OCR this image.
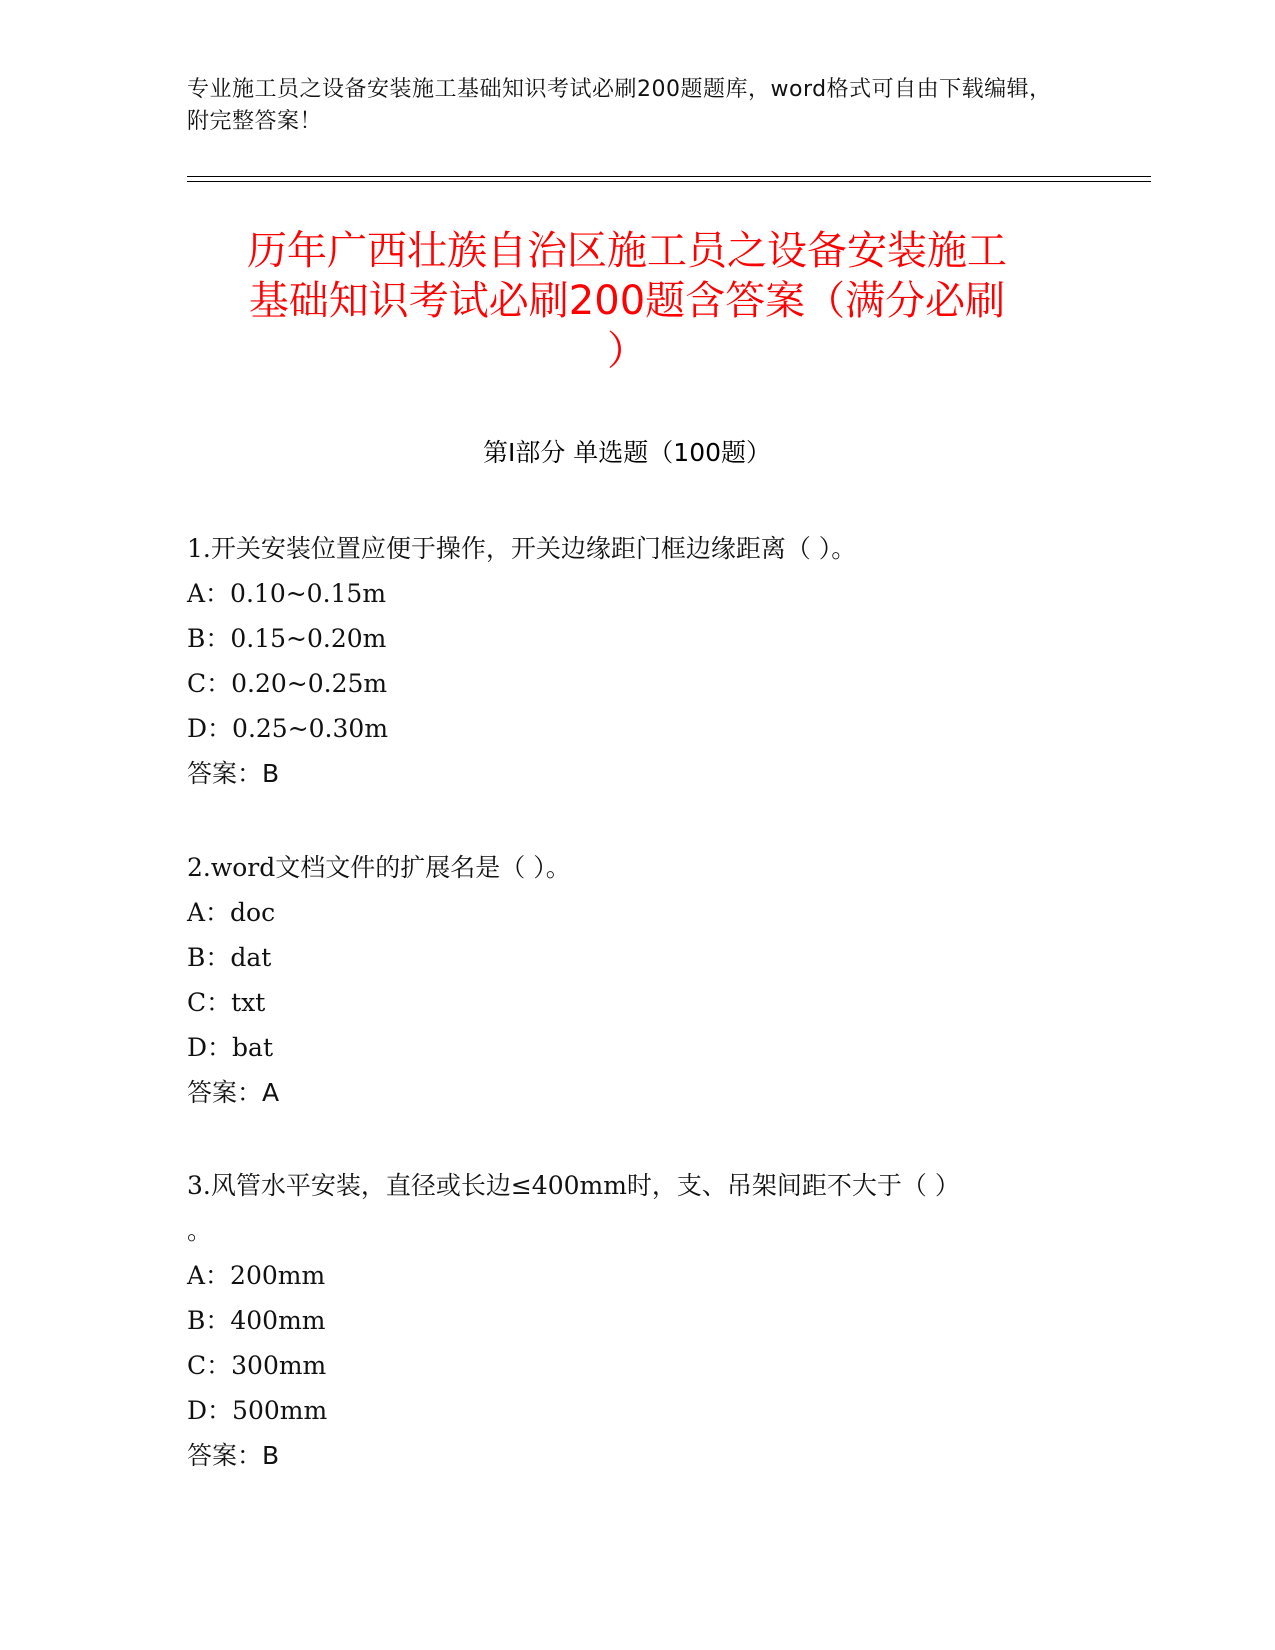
专业施工员之设备安装施工基础知识考试必刷200题题库，word格式可自由下载编辑，附完整答案！
历年广西壮族自治区施工员之设备安装施工
基础知识考试必刷200题含答案（满分必刷
）
第Ⅰ部分 单选题（100题）

1.开关安装位置应便于操作，开关边缘距门框边缘距离（ ）。

A：0.10~0.15m

B：0.15~0.20m

C：0.20~0.25m

D：0.25~0.30m

答案：B

2.word文档文件的扩展名是（ ）。

A：doc

B：dat

C：txt

D：bat

答案：A

3.风管水平安装，直径或长边≤400mm时，支、吊架间距不大于（ ）

。

A：200mm

B：400mm

C：300mm

D：500mm

答案：B
